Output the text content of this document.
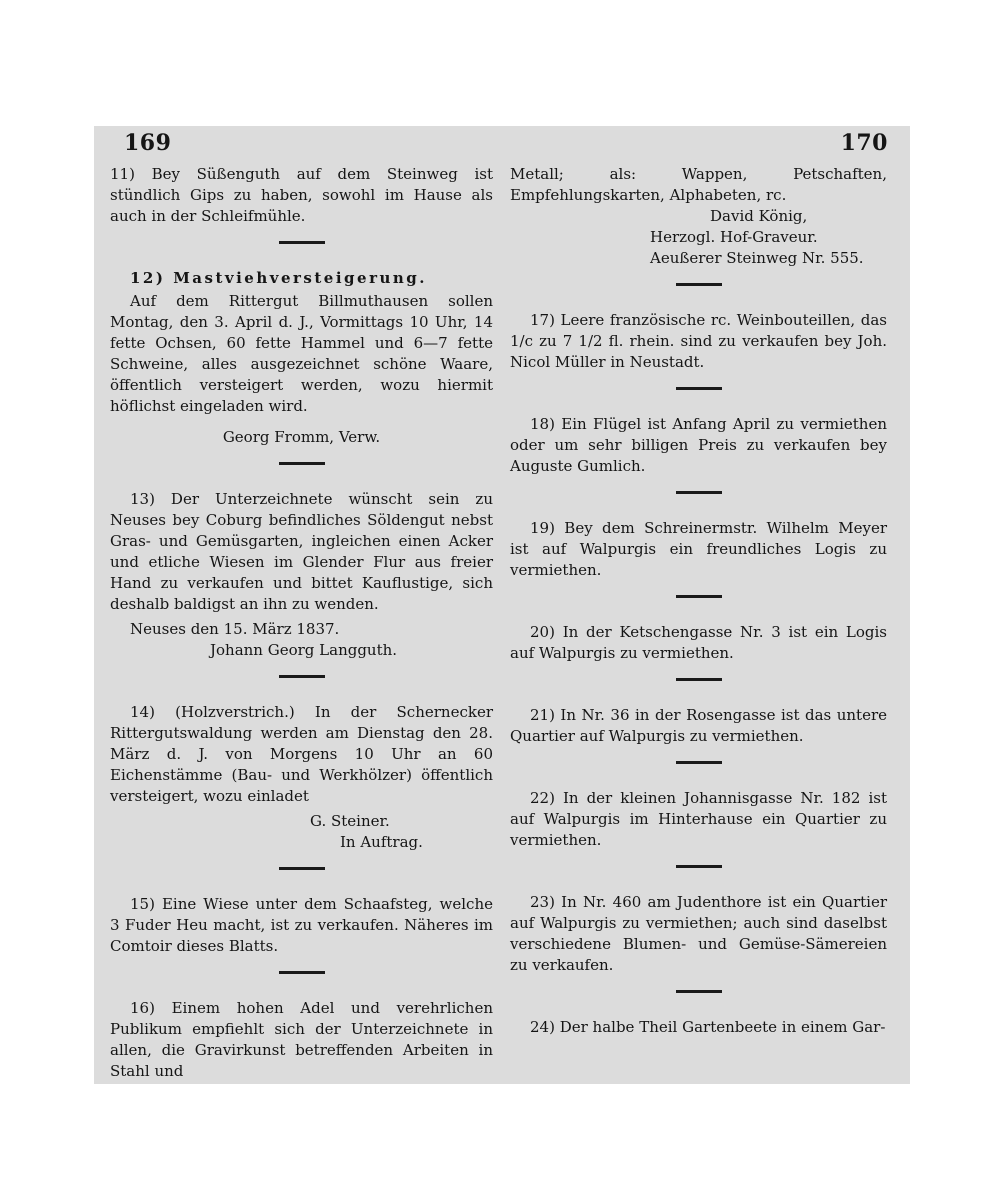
169	170

11) Bey Süßenguth auf dem Steinweg ist stündlich Gips zu haben, sowohl im Hause als auch in der Schleifmühle.

12) Mastviehversteigerung.

Auf dem Rittergut Billmuthausen sollen Montag, den 3. April d. J., Vormittags 10 Uhr, 14 fette Ochsen, 60 fette Hammel und 6—7 fette Schweine, alles ausgezeichnet schöne Waare, öffentlich versteigert werden, wozu hiermit höflichst eingeladen wird.

Georg Fromm, Verw.

13) Der Unterzeichnete wünscht sein zu Neuses bey Coburg befindliches Söldengut nebst Gras- und Gemüsgarten, ingleichen einen Acker und etliche Wiesen im Glender Flur aus freier Hand zu verkaufen und bittet Kauflustige, sich deshalb baldigst an ihn zu wenden.

Neuses den 15. März 1837.

Johann Georg Langguth.

14) (Holzverstrich.) In der Schernecker Rittergutswaldung werden am Dienstag den 28. März d. J. von Morgens 10 Uhr an 60 Eichenstämme (Bau- und Werkhölzer) öffentlich versteigert, wozu einladet

G. Steiner.

In Auftrag.

15) Eine Wiese unter dem Schaafsteg, welche 3 Fuder Heu macht, ist zu verkaufen. Näheres im Comtoir dieses Blatts.

16) Einem hohen Adel und verehrlichen Publikum empfiehlt sich der Unterzeichnete in allen, die Gravirkunst betreffenden Arbeiten in Stahl und

Metall; als: Wappen, Petschaften, Empfehlungskarten, Alphabeten, rc.

David König,

Herzogl. Hof-Graveur.

Aeußerer Steinweg Nr. 555.

17) Leere französische rc. Weinbouteillen, das 1/c zu 7 1/2 fl. rhein. sind zu verkaufen bey Joh. Nicol Müller in Neustadt.

18) Ein Flügel ist Anfang April zu vermiethen oder um sehr billigen Preis zu verkaufen bey Auguste Gumlich.

19) Bey dem Schreinermstr. Wilhelm Meyer ist auf Walpurgis ein freundliches Logis zu vermiethen.

20) In der Ketschengasse Nr. 3 ist ein Logis auf Walpurgis zu vermiethen.

21) In Nr. 36 in der Rosengasse ist das untere Quartier auf Walpurgis zu vermiethen.

22) In der kleinen Johannisgasse Nr. 182 ist auf Walpurgis im Hinterhause ein Quartier zu vermiethen.

23) In Nr. 460 am Judenthore ist ein Quartier auf Walpurgis zu vermiethen; auch sind daselbst verschiedene Blumen- und Gemüse-Sämereien zu verkaufen.

24) Der halbe Theil Gartenbeete in einem Gar-
